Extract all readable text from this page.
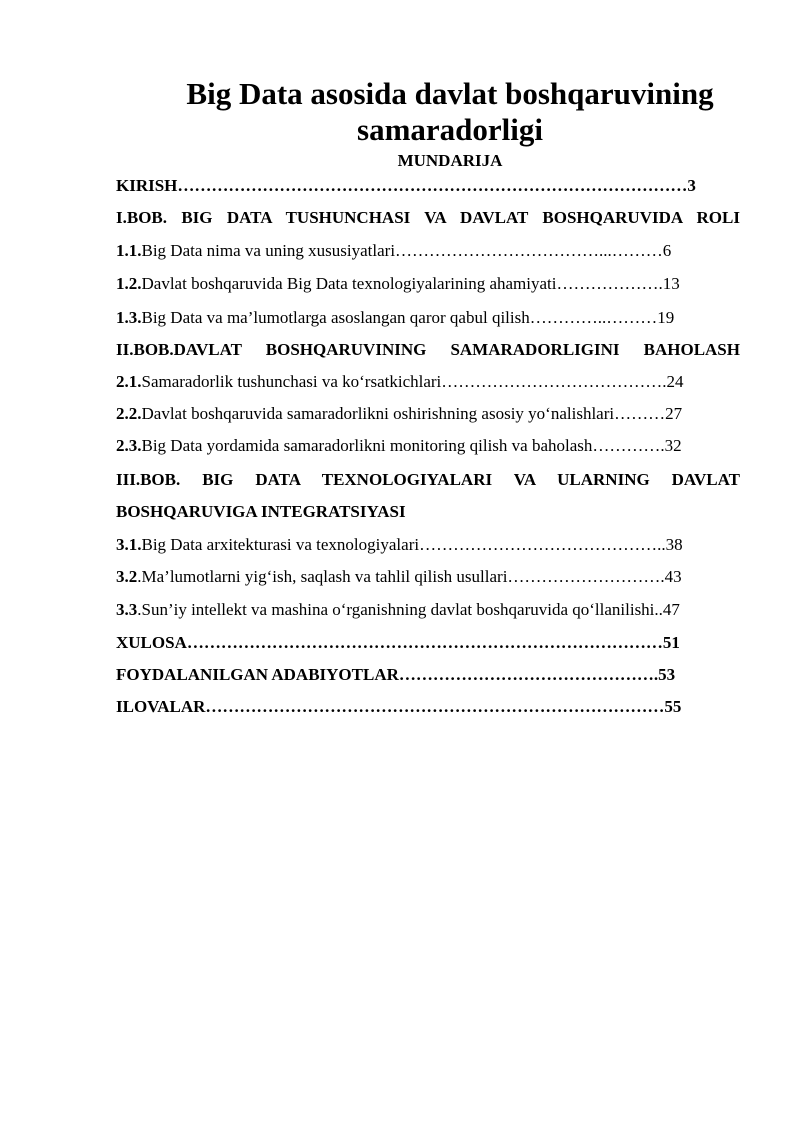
Big Data asosida davlat boshqaruvining
samaradorligi
MUNDARIJA
KIRISH………………………………………………………………………………3
I.BOB. BIG DATA TUSHUNCHASI VA DAVLAT BOSHQARUVIDA ROLI
1.1.Big Data nima va uning xususiyatlari………………………………...………6
1.2.Davlat boshqaruvida Big Data texnologiyalarining ahamiyati……………….13
1.3.Big Data va ma’lumotlarga asoslangan qaror qabul qilish…………..………19
II.BOB.DAVLAT BOSHQARUVINING SAMARADORLIGINI BAHOLASH
2.1.Samaradorlik tushunchasi va ko‘rsatkichlari………………………………….24
2.2.Davlat boshqaruvida samaradorlikni oshirishning asosiy yo‘nalishlari………27
2.3.Big Data yordamida samaradorlikni monitoring qilish va baholash………….32
III.BOB. BIG DATA TEXNOLOGIYALARI VA ULARNING DAVLAT
BOSHQARUVIGA INTEGRATSIYASI
3.1.Big Data arxitekturasi va texnologiyalari……………………………………..38
3.2.Ma’lumotlarni yig‘ish, saqlash va tahlil qilish usullari……………………….43
3.3.Sun’iy intellekt va mashina o‘rganishning davlat boshqaruvida qo‘llanilishi..47
XULOSA…………………………………………………………………………51
FOYDALANILGAN ADABIYOTLAR……………………………………….53
ILOVALAR………………………………………………………………………55
